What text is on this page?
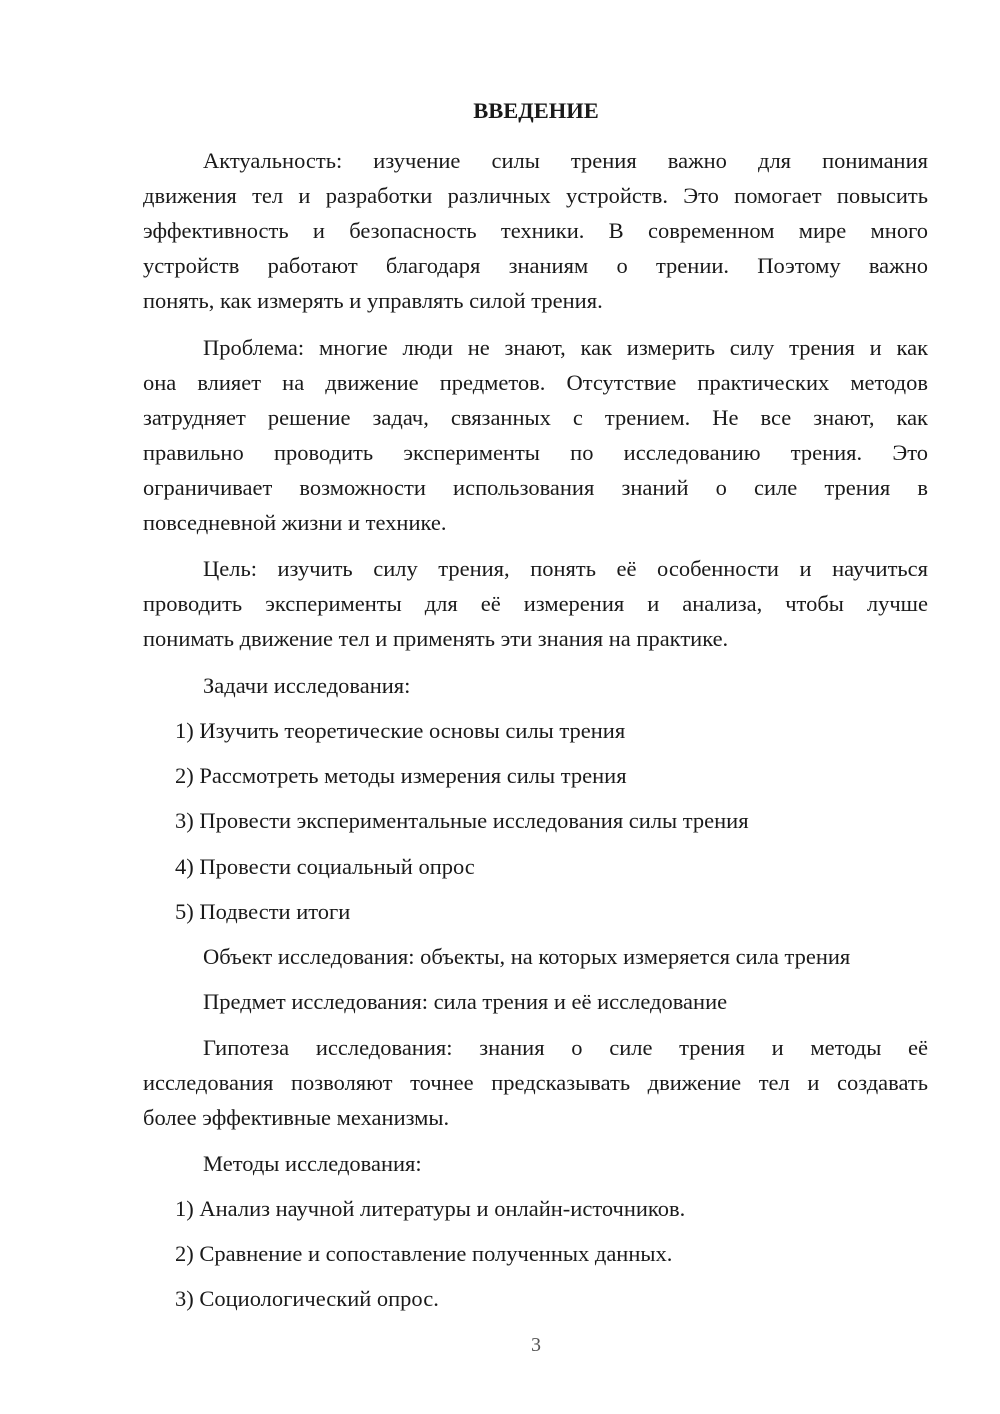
ВВЕДЕНИЕ
Актуальность: изучение силы трения важно для понимания
движения тел и разработки различных устройств. Это помогает повысить
эффективность и безопасность техники. В современном мире много
устройств работают благодаря знаниям о трении. Поэтому важно
понять, как измерять и управлять силой трения.
Проблема: многие люди не знают, как измерить силу трения и как
она влияет на движение предметов. Отсутствие практических методов
затрудняет решение задач, связанных с трением. Не все знают, как
правильно проводить эксперименты по исследованию трения. Это
ограничивает возможности использования знаний о силе трения в
повседневной жизни и технике.
Цель: изучить силу трения, понять её особенности и научиться
проводить эксперименты для её измерения и анализа, чтобы лучше
понимать движение тел и применять эти знания на практике.
Задачи исследования:
1) Изучить теоретические основы силы трения
2) Рассмотреть методы измерения силы трения
3) Провести экспериментальные исследования силы трения
4) Провести социальный опрос
5) Подвести итоги
Объект исследования: объекты, на которых измеряется сила трения
Предмет исследования: сила трения и её исследование
Гипотеза исследования: знания о силе трения и методы её
исследования позволяют точнее предсказывать движение тел и создавать
более эффективные механизмы.
Методы исследования:
1) Анализ научной литературы и онлайн-источников.
2) Сравнение и сопоставление полученных данных.
3) Социологический опрос.
3
